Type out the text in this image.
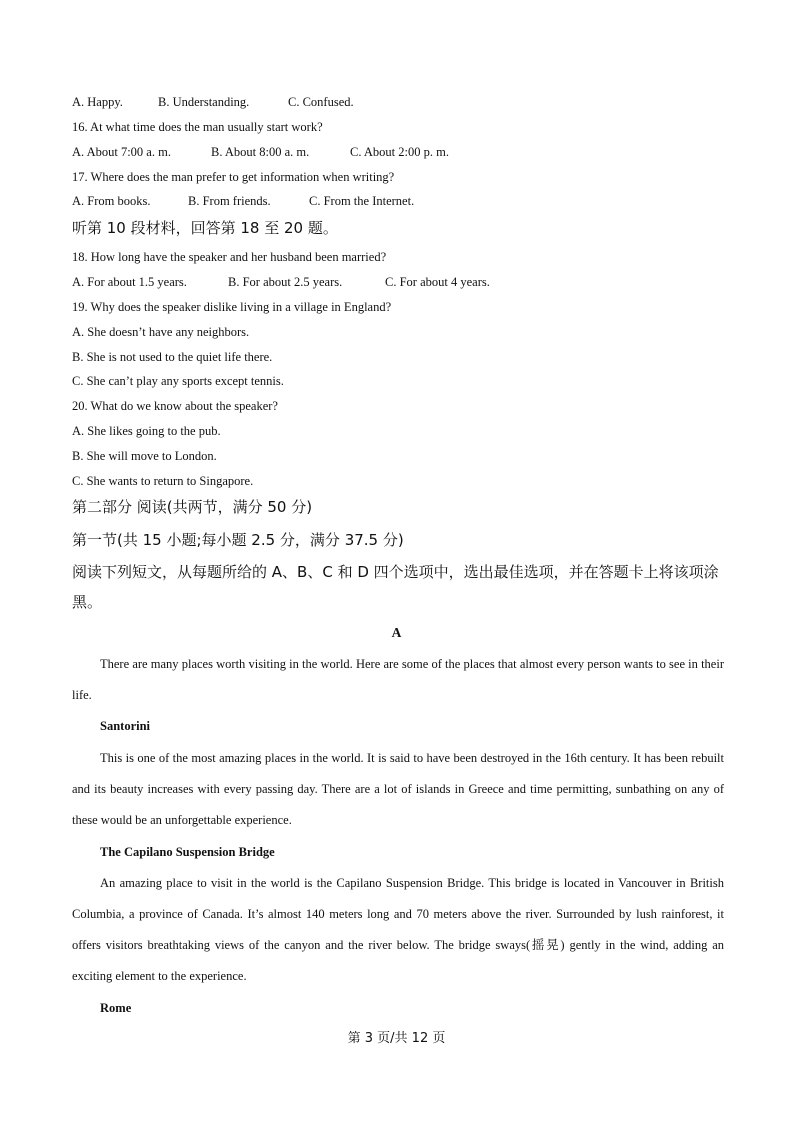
A. Happy.	B. Understanding.	C. Confused.
16. At what time does the man usually start work?
A. About 7:00 a. m.	B. About 8:00 a. m.	C. About 2:00 p. m.
17. Where does the man prefer to get information when writing?
A. From books.	B. From friends.	C. From the Internet.
听第 10 段材料，回答第 18 至 20 题。
18. How long have the speaker and her husband been married?
A. For about 1.5 years.	B. For about 2.5 years.	C. For about 4 years.
19. Why does the speaker dislike living in a village in England?
A. She doesn’t have any neighbors.
B. She is not used to the quiet life there.
C. She can’t play any sports except tennis.
20. What do we know about the speaker?
A. She likes going to the pub.
B. She will move to London.
C. She wants to return to Singapore.
第二部分 阅读(共两节，满分 50 分)
第一节(共 15 小题;每小题 2.5 分，满分 37.5 分)
阅读下列短文，从每题所给的 A、B、C 和 D 四个选项中，选出最佳选项，并在答题卡上将该项涂黑。
A
There are many places worth visiting in the world. Here are some of the places that almost every person wants to see in their life.
Santorini
This is one of the most amazing places in the world. It is said to have been destroyed in the 16th century. It has been rebuilt and its beauty increases with every passing day. There are a lot of islands in Greece and time permitting, sunbathing on any of these would be an unforgettable experience.
The Capilano Suspension Bridge
An amazing place to visit in the world is the Capilano Suspension Bridge. This bridge is located in Vancouver in British Columbia, a province of Canada. It’s almost 140 meters long and 70 meters above the river. Surrounded by lush rainforest, it offers visitors breathtaking views of the canyon and the river below. The bridge sways(摇晃) gently in the wind, adding an exciting element to the experience.
Rome
第 3 页/共 12 页
